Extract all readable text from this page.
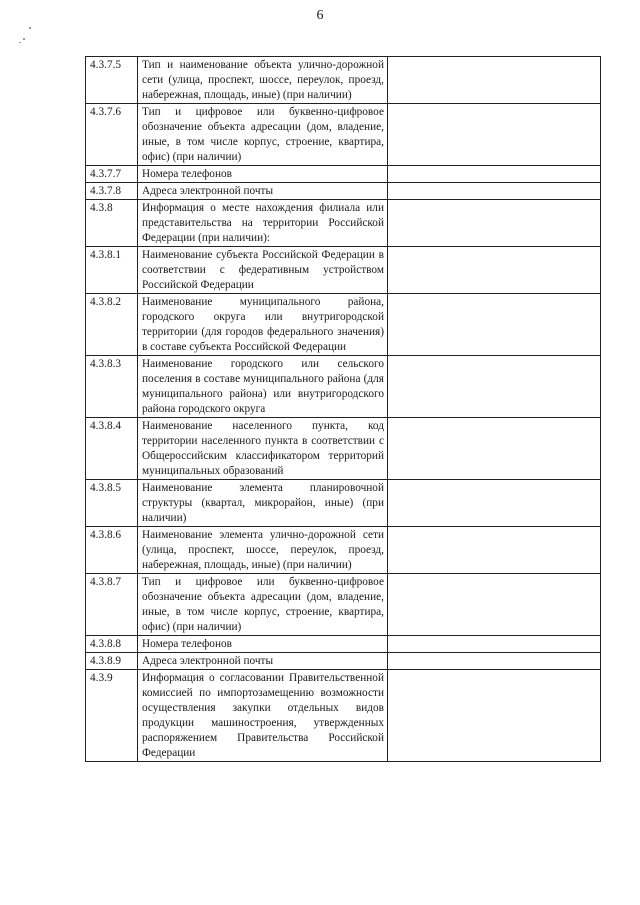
6
4.3.7.5	Тип и наименование объекта улично-дорожной сети (улица, проспект, шоссе, переулок, проезд, набережная, площадь, иные) (при наличии)	
4.3.7.6	Тип и цифровое или буквенно-цифровое обозначение объекта адресации (дом, владение, иные, в том числе корпус, строение, квартира, офис) (при наличии)	
4.3.7.7	Номера телефонов	
4.3.7.8	Адреса электронной почты	
4.3.8	Информация о месте нахождения филиала или представительства на территории Российской Федерации (при наличии):	
4.3.8.1	Наименование субъекта Российской Федерации в соответствии с федеративным устройством Российской Федерации	
4.3.8.2	Наименование муниципального района, городского округа или внутригородской территории (для городов федерального значения) в составе субъекта Российской Федерации	
4.3.8.3	Наименование городского или сельского поселения в составе муниципального района (для муниципального района) или внутригородского района городского округа	
4.3.8.4	Наименование населенного пункта, код территории населенного пункта в соответствии с Общероссийским классификатором территорий муниципальных образований	
4.3.8.5	Наименование элемента планировочной структуры (квартал, микрорайон, иные) (при наличии)	
4.3.8.6	Наименование элемента улично-дорожной сети (улица, проспект, шоссе, переулок, проезд, набережная, площадь, иные) (при наличии)	
4.3.8.7	Тип и цифровое или буквенно-цифровое обозначение объекта адресации (дом, владение, иные, в том числе корпус, строение, квартира, офис) (при наличии)	
4.3.8.8	Номера телефонов	
4.3.8.9	Адреса электронной почты	
4.3.9	Информация о согласовании Правительственной комиссией по импортозамещению возможности осуществления закупки отдельных видов продукции машиностроения, утвержденных распоряжением Правительства Российской Федерации	
